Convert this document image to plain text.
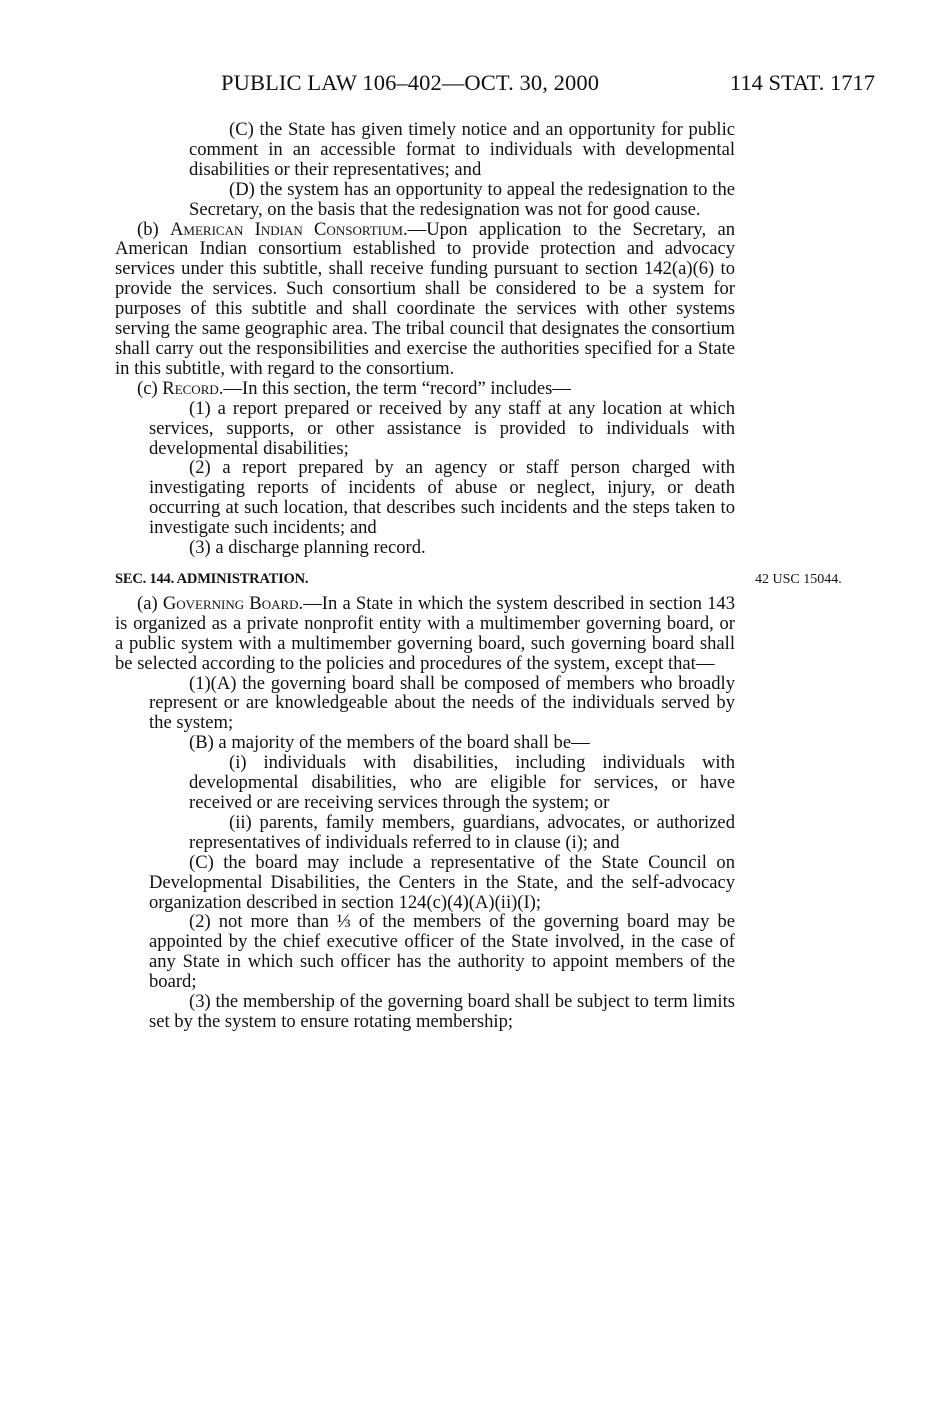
PUBLIC LAW 106–402—OCT. 30, 2000	114 STAT. 1717

(C) the State has given timely notice and an opportunity for public comment in an accessible format to individuals with developmental disabilities or their representatives; and

(D) the system has an opportunity to appeal the redesignation to the Secretary, on the basis that the redesignation was not for good cause.

(b) American Indian Consortium.—Upon application to the Secretary, an American Indian consortium established to provide protection and advocacy services under this subtitle, shall receive funding pursuant to section 142(a)(6) to provide the services. Such consortium shall be considered to be a system for purposes of this subtitle and shall coordinate the services with other systems serving the same geographic area. The tribal council that designates the consortium shall carry out the responsibilities and exercise the authorities specified for a State in this subtitle, with regard to the consortium.

(c) Record.—In this section, the term “record” includes—

(1) a report prepared or received by any staff at any location at which services, supports, or other assistance is provided to individuals with developmental disabilities;

(2) a report prepared by an agency or staff person charged with investigating reports of incidents of abuse or neglect, injury, or death occurring at such location, that describes such incidents and the steps taken to investigate such incidents; and

(3) a discharge planning record.

SEC. 144. ADMINISTRATION.	42 USC 15044.

(a) Governing Board.—In a State in which the system described in section 143 is organized as a private nonprofit entity with a multimember governing board, or a public system with a multimember governing board, such governing board shall be selected according to the policies and procedures of the system, except that—

(1)(A) the governing board shall be composed of members who broadly represent or are knowledgeable about the needs of the individuals served by the system;

(B) a majority of the members of the board shall be—

(i) individuals with disabilities, including individuals with developmental disabilities, who are eligible for services, or have received or are receiving services through the system; or

(ii) parents, family members, guardians, advocates, or authorized representatives of individuals referred to in clause (i); and

(C) the board may include a representative of the State Council on Developmental Disabilities, the Centers in the State, and the self-advocacy organization described in section 124(c)(4)(A)(ii)(I);

(2) not more than ⅓ of the members of the governing board may be appointed by the chief executive officer of the State involved, in the case of any State in which such officer has the authority to appoint members of the board;

(3) the membership of the governing board shall be subject to term limits set by the system to ensure rotating membership;
